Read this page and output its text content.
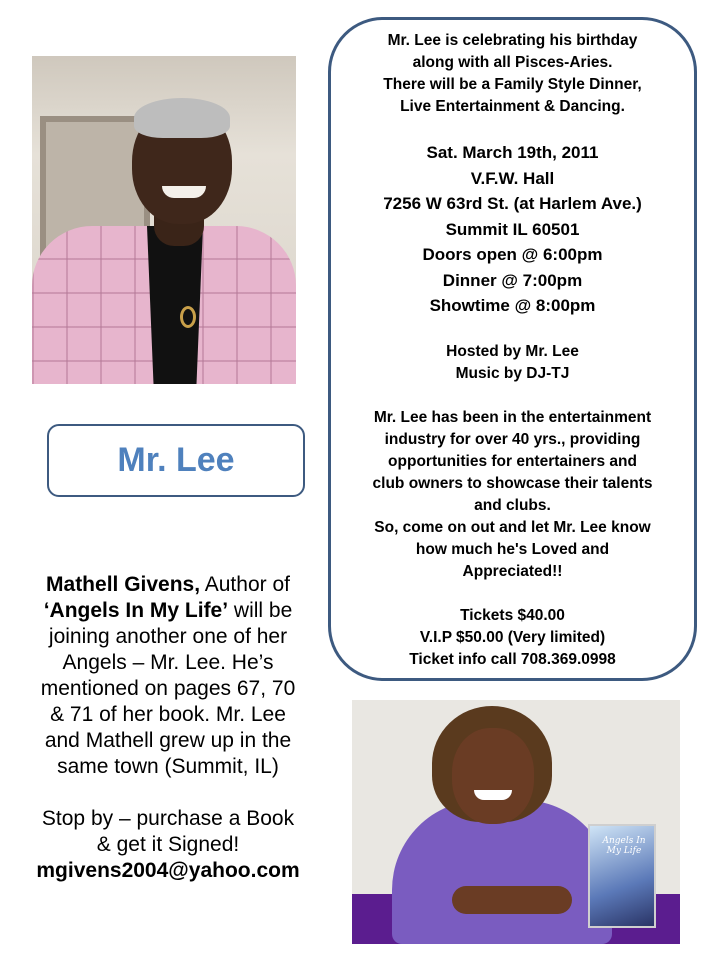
Mr. Lee

Mathell Givens, Author of

‘Angels In My Life’ will be

joining another one of her

Angels – Mr. Lee. He’s

mentioned on pages 67, 70

& 71 of her book. Mr. Lee

and Mathell grew up in the

same town (Summit, IL)

Stop by – purchase a Book

& get it Signed!

mgivens2004@yahoo.com

Mr. Lee is celebrating his birthday
along with all Pisces-Aries.
There will be a Family Style Dinner,
Live Entertainment & Dancing.
Sat. March 19th, 2011
V.F.W. Hall
7256 W 63rd St. (at Harlem Ave.)
Summit IL 60501
Doors open @ 6:00pm
Dinner @ 7:00pm
Showtime @ 8:00pm
Hosted by Mr. Lee
Music by DJ-TJ
Mr. Lee has been in the entertainment
industry for over 40 yrs., providing
opportunities for entertainers and
club owners to showcase their talents
and clubs.
So, come on out and let Mr. Lee know
how much he's Loved and
Appreciated!!
Tickets $40.00
V.I.P $50.00 (Very limited)
Ticket info call 708.369.0998
Angels In My Life
